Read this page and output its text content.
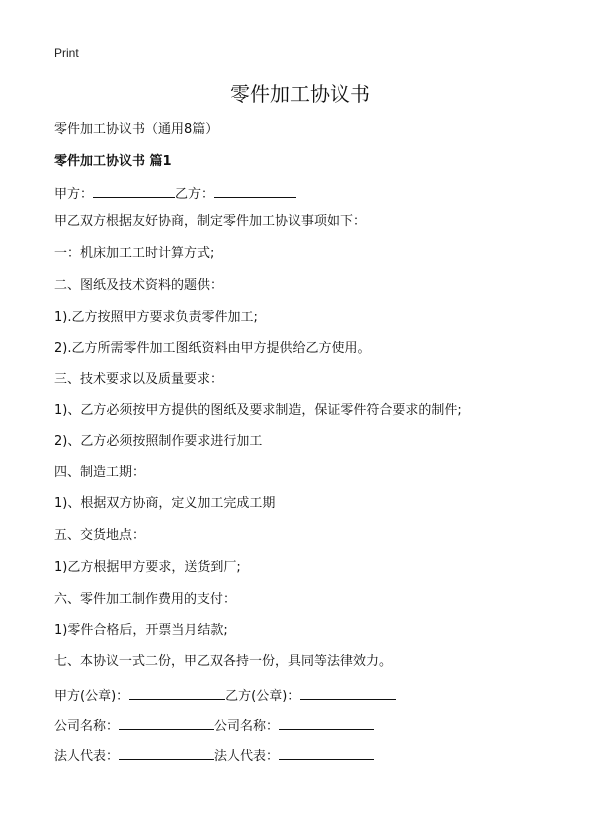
Print
零件加工协议书
零件加工协议书（通用8篇）
零件加工协议书 篇1
甲方：	乙方：
甲乙双方根据友好协商，制定零件加工协议事项如下：
一：机床加工工时计算方式;
二、图纸及技术资料的题供：
1).乙方按照甲方要求负责零件加工;
2).乙方所需零件加工图纸资料由甲方提供给乙方使用。
三、技术要求以及质量要求：
1)、乙方必须按甲方提供的图纸及要求制造，保证零件符合要求的制件;
2)、乙方必须按照制作要求进行加工
四、制造工期：
1)、根据双方协商，定义加工完成工期
五、交货地点：
1)乙方根据甲方要求，送货到厂;
六、零件加工制作费用的支付：
1)零件合格后，开票当月结款;
七、本协议一式二份，甲乙双各持一份，具同等法律效力。
甲方(公章)：	乙方(公章)：
公司名称：	公司名称：
法人代表：	法人代表：
